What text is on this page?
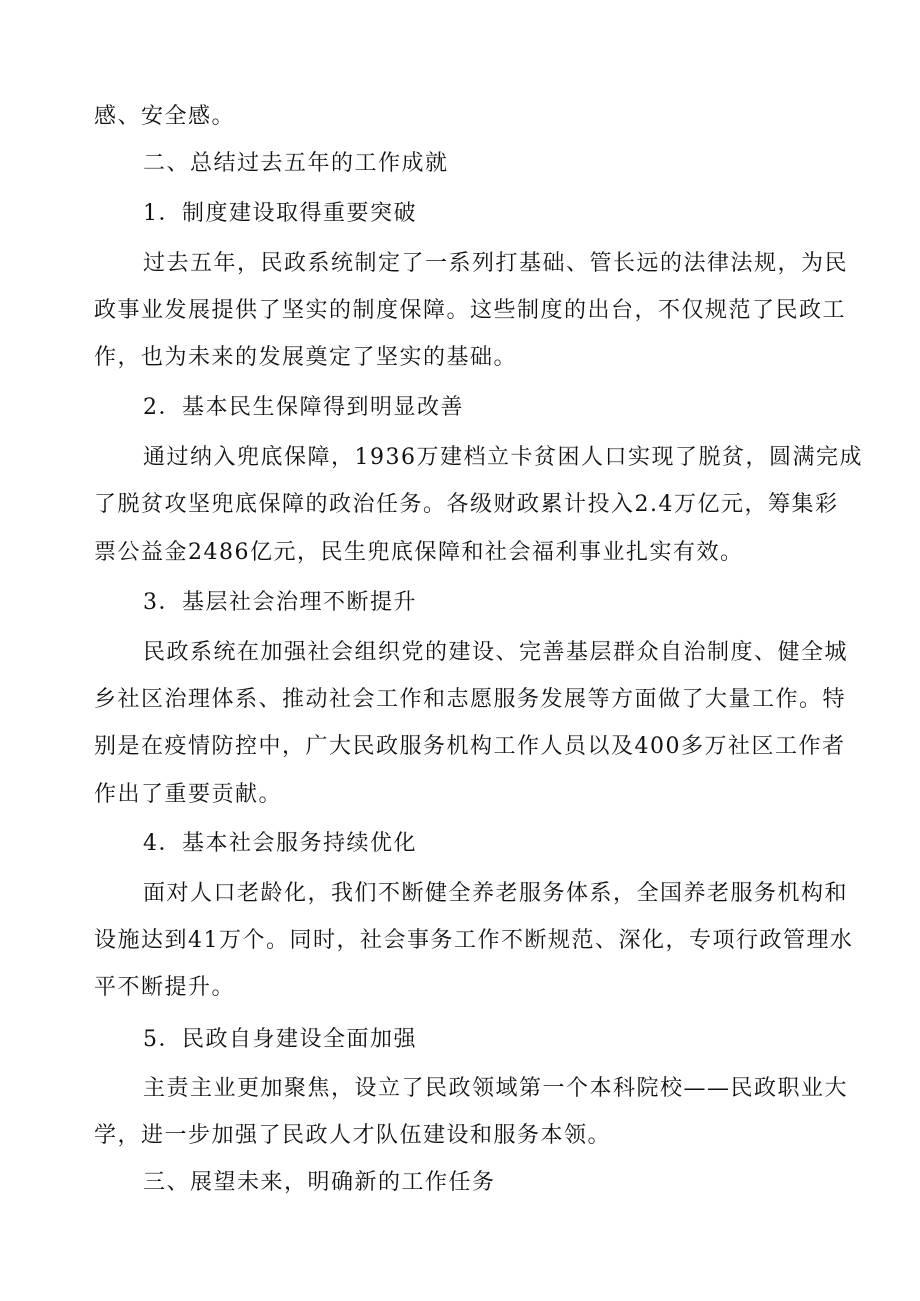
感、安全感。
二、总结过去五年的工作成就
1．制度建设取得重要突破
过去五年，民政系统制定了一系列打基础、管长远的法律法规，为民
政事业发展提供了坚实的制度保障。这些制度的出台，不仅规范了民政工
作，也为未来的发展奠定了坚实的基础。
2．基本民生保障得到明显改善
通过纳入兜底保障，1936万建档立卡贫困人口实现了脱贫，圆满完成
了脱贫攻坚兜底保障的政治任务。各级财政累计投入2.4万亿元，筹集彩
票公益金2486亿元，民生兜底保障和社会福利事业扎实有效。
3．基层社会治理不断提升
民政系统在加强社会组织党的建设、完善基层群众自治制度、健全城
乡社区治理体系、推动社会工作和志愿服务发展等方面做了大量工作。特
别是在疫情防控中，广大民政服务机构工作人员以及400多万社区工作者
作出了重要贡献。
4．基本社会服务持续优化
面对人口老龄化，我们不断健全养老服务体系，全国养老服务机构和
设施达到41万个。同时，社会事务工作不断规范、深化，专项行政管理水
平不断提升。
5．民政自身建设全面加强
主责主业更加聚焦，设立了民政领域第一个本科院校——民政职业大
学，进一步加强了民政人才队伍建设和服务本领。
三、展望未来，明确新的工作任务
